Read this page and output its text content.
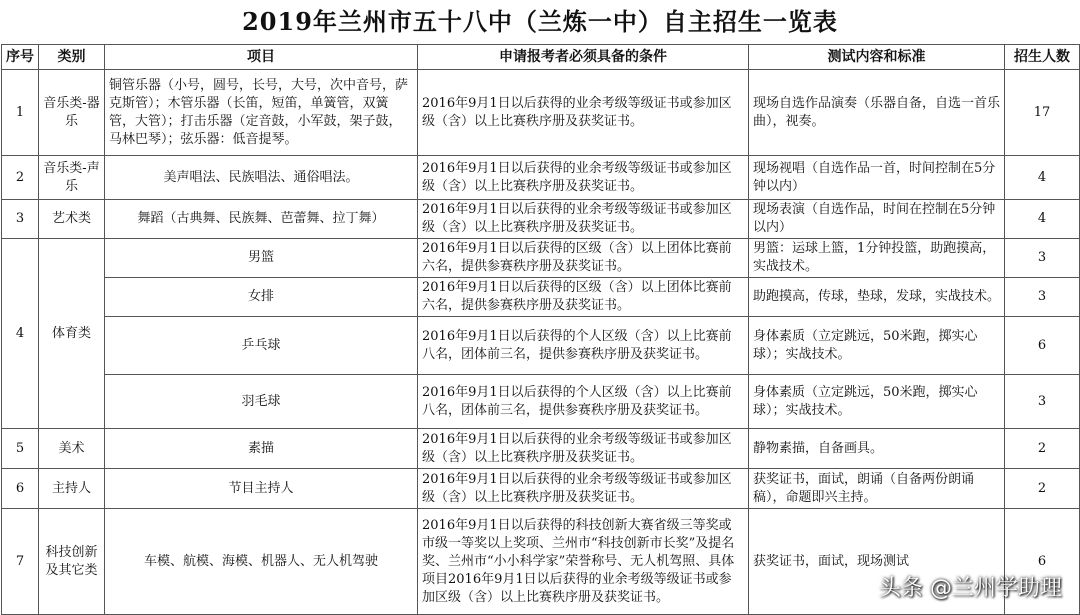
2019年兰州市五十八中（兰炼一中）自主招生一览表
序号	类别	项目	申请报考者必须具备的条件	测试内容和标准	招生人数
1	音乐类-器乐	铜管乐器（小号，圆号，长号，大号，次中音号，萨克斯管）；木管乐器（长笛，短笛，单簧管，双簧管，大管）；打击乐器（定音鼓，小军鼓，架子鼓，马林巴琴）；弦乐器：低音提琴。	2016年9月1日以后获得的业余考级等级证书或参加区级（含）以上比赛秩序册及获奖证书。	现场自选作品演奏（乐器自备，自选一首乐曲），视奏。	17
2	音乐类-声乐	美声唱法、民族唱法、通俗唱法。	2016年9月1日以后获得的业余考级等级证书或参加区级（含）以上比赛秩序册及获奖证书。	现场视唱（自选作品一首，时间控制在5分钟以内）	4
3	艺术类	舞蹈（古典舞、民族舞、芭蕾舞、拉丁舞）	2016年9月1日以后获得的业余考级等级证书或参加区级（含）以上比赛秩序册及获奖证书。	现场表演（自选作品，时间在控制在5分钟以内）	4
4	体育类	男篮	2016年9月1日以后获得的区级（含）以上团体比赛前六名，提供参赛秩序册及获奖证书。	男篮：运球上篮，1分钟投篮，助跑摸高，实战技术。	3
		女排	2016年9月1日以后获得的区级（含）以上团体比赛前六名，提供参赛秩序册及获奖证书。	助跑摸高，传球，垫球，发球，实战技术。	3
		乒乓球	2016年9月1日以后获得的个人区级（含）以上比赛前八名，团体前三名，提供参赛秩序册及获奖证书。	身体素质（立定跳远，50米跑，掷实心球）；实战技术。	6
		羽毛球	2016年9月1日以后获得的个人区级（含）以上比赛前八名，团体前三名，提供参赛秩序册及获奖证书。	身体素质（立定跳远，50米跑，掷实心球）；实战技术。	3
5	美术	素描	2016年9月1日以后获得的业余考级等级证书或参加区级（含）以上比赛秩序册及获奖证书。	静物素描，自备画具。	2
6	主持人	节目主持人	2016年9月1日以后获得的业余考级等级证书或参加区级（含）以上比赛秩序册及获奖证书。	获奖证书，面试，朗诵（自备两份朗诵稿），命题即兴主持。	2
7	科技创新及其它类	车模、航模、海模、机器人、无人机驾驶	2016年9月1日以后获得的科技创新大赛省级三等奖或市级一等奖以上奖项、兰州市“科技创新市长奖”及提名奖、兰州市“小小科学家”荣誉称号、无人机驾照、具体项目2016年9月1日以后获得的业余考级等级证书或参加区级（含）以上比赛秩序册及获奖证书。	获奖证书，面试，现场测试	6
头条 @兰州学助理
